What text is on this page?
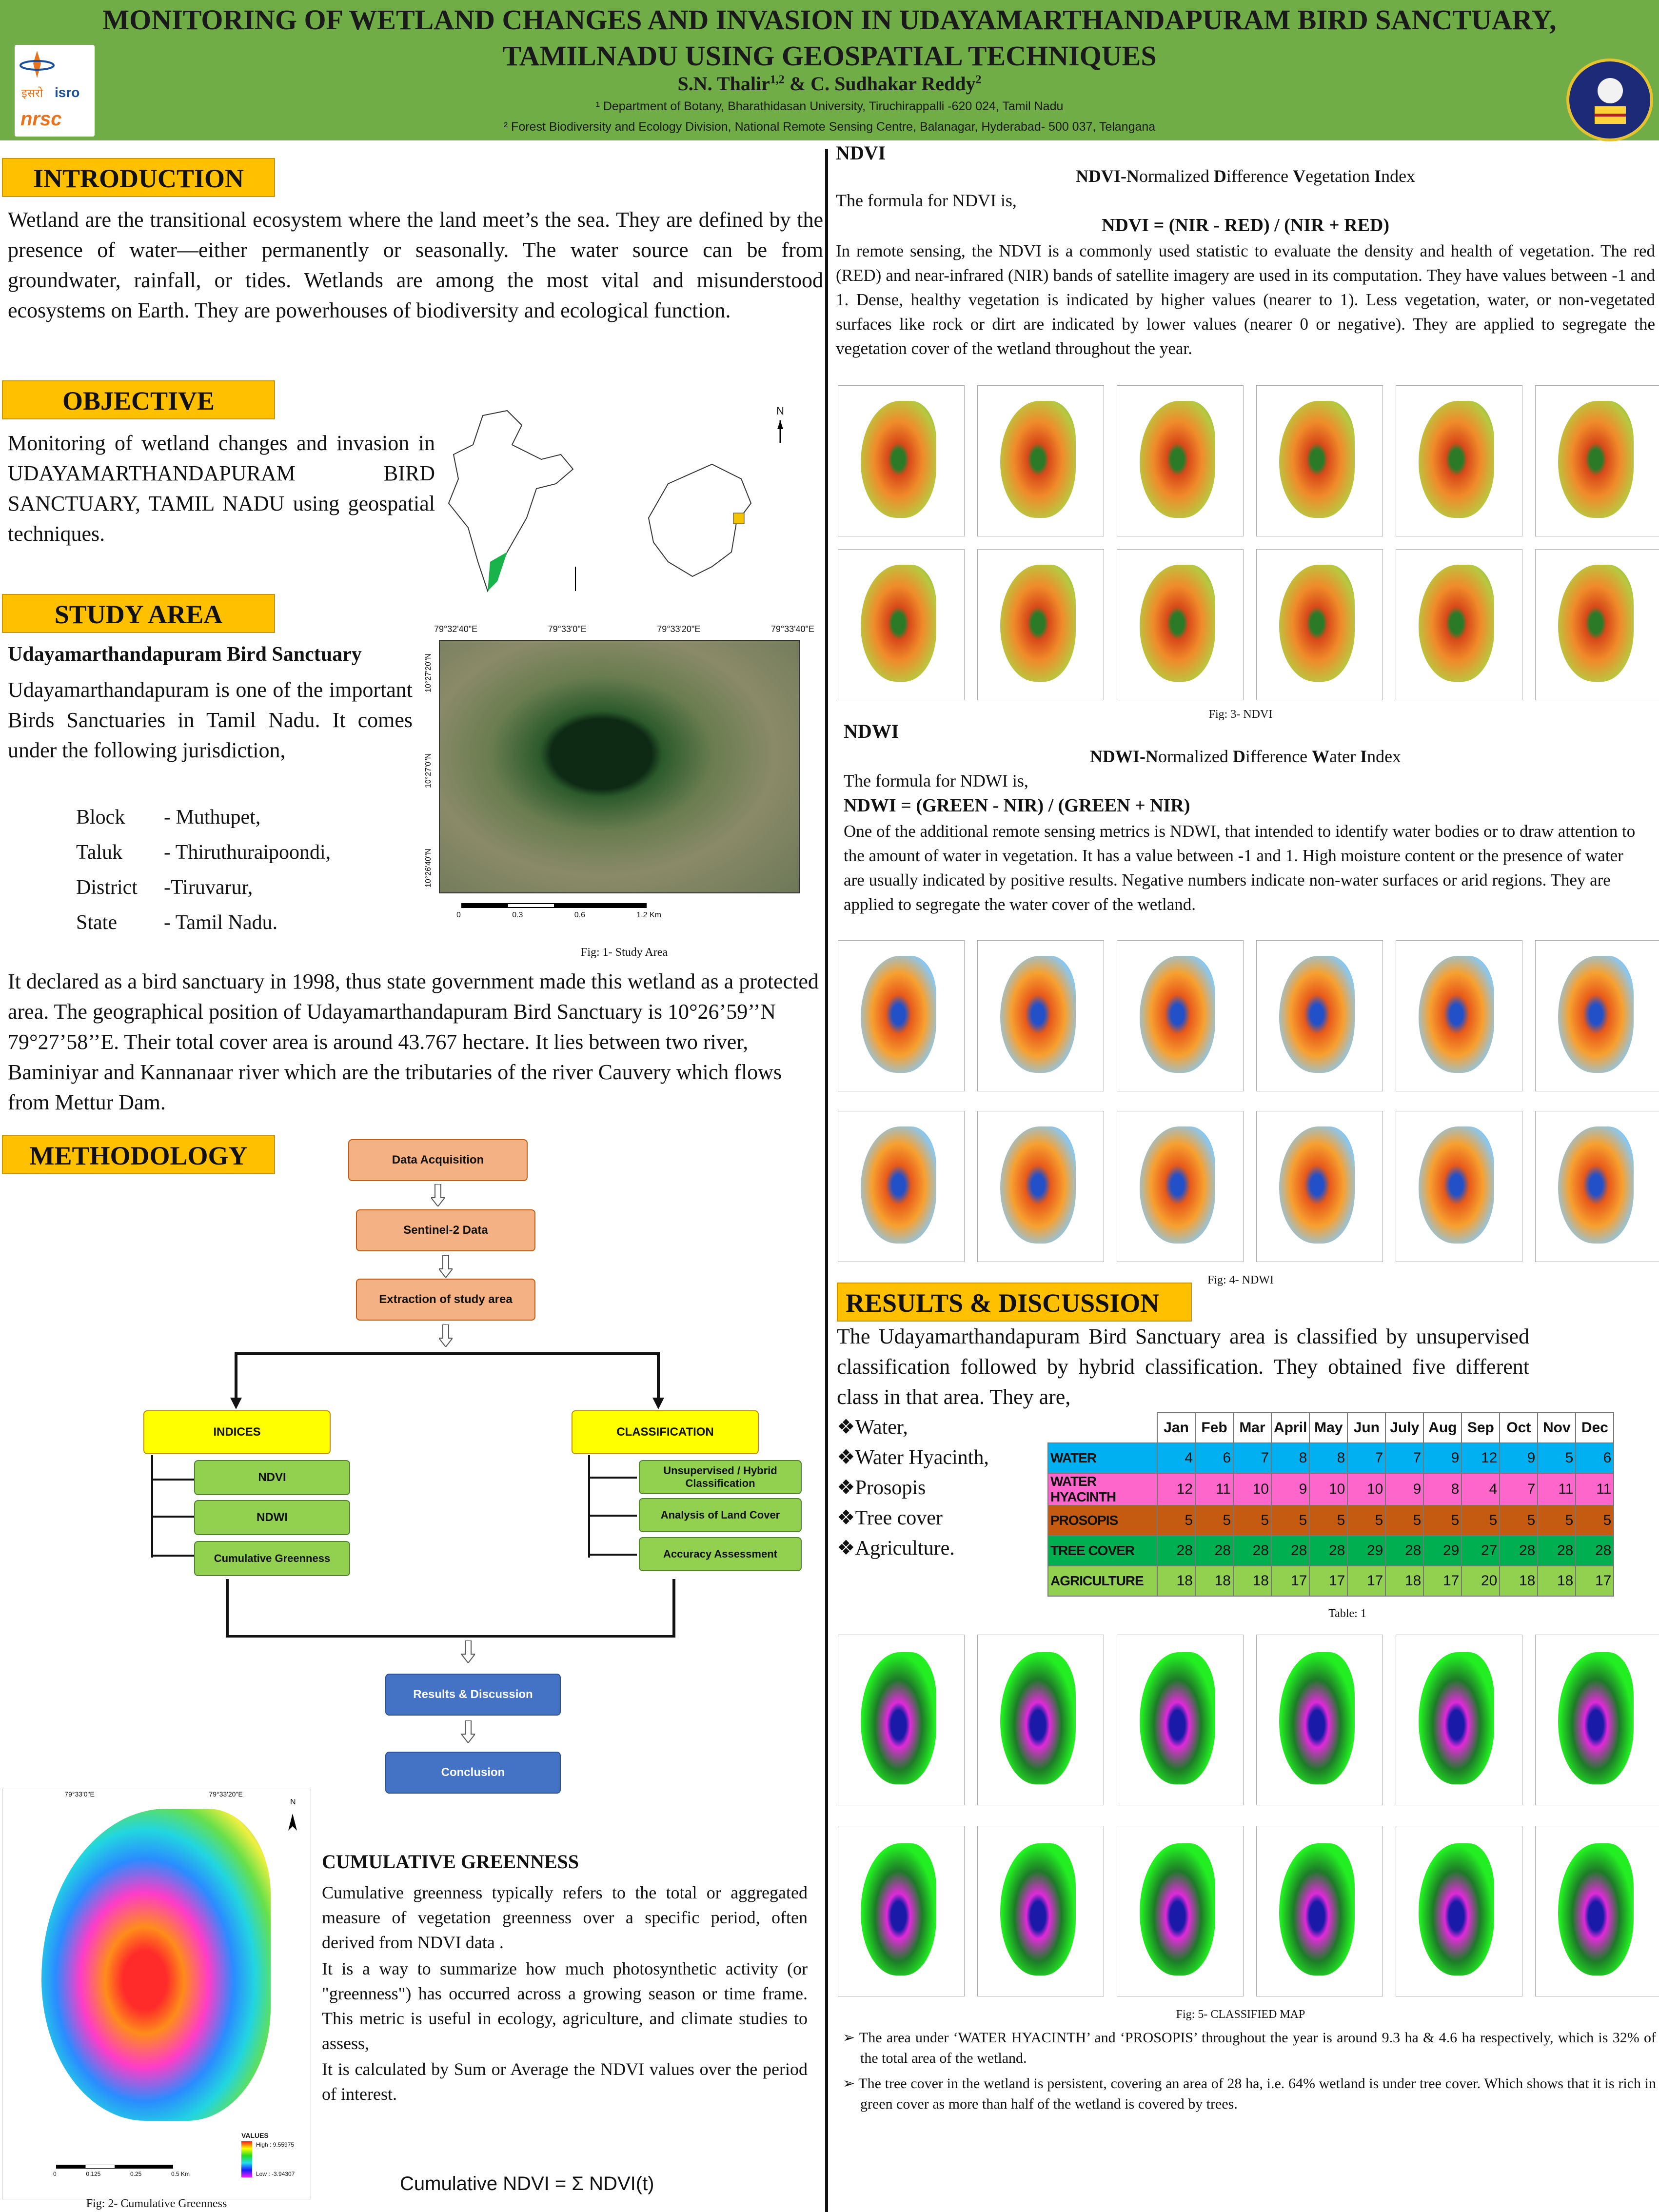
MONITORING OF WETLAND CHANGES AND INVASION IN UDAYAMARTHANDAPURAM BIRD SANCTUARY,
TAMILNADU USING GEOSPATIAL TECHNIQUES
S.N. Thalir$^{1,2}$ & C. Sudhakar Reddy$^2$
¹ Department of Botany, Bharathidasan University, Tiruchirappalli -620 024, Tamil Nadu
² Forest Biodiversity and Ecology Division, National Remote Sensing Centre, Balanagar, Hyderabad- 500 037, Telangana
इसरो isro
nrsc
INTRODUCTION
Wetland are the transitional ecosystem where the land meet’s the sea. They are defined by the presence of water—either permanently or seasonally. The water source can be from groundwater, rainfall, or tides. Wetlands are among the most vital and misunderstood ecosystems on Earth. They are powerhouses of biodiversity and ecological function.
OBJECTIVE
Monitoring of wetland changes and invasion in UDAYAMARTHANDAPURAM BIRD SANCTUARY, TAMIL NADU using geospatial techniques.
N
STUDY AREA
Udayamarthandapuram Bird Sanctuary
Udayamarthandapuram is one of the important Birds Sanctuaries in Tamil Nadu. It comes under the following jurisdiction,
Block - Muthupet,
Taluk - Thiruthuraipoondi,
District -Tiruvarur,
State - Tamil Nadu.
79°32'40"E	79°33'0"E	79°33'20"E	79°33'40"E
10°26'40"N
10°27'0"N
10°27'20"N
0	0.3	0.6	1.2 Km
Fig: 1- Study Area
It declared as a bird sanctuary in 1998, thus state government made this wetland as a protected area. The geographical position of Udayamarthandapuram Bird Sanctuary is 10°26’59’’N 79°27’58’’E. Their total cover area is around 43.767 hectare. It lies between two river, Baminiyar and Kannanaar river which are the tributaries of the river Cauvery which flows from Mettur Dam.
METHODOLOGY	Data Acquisition
Sentinel-2 Data
Extraction of study area
INDICES	CLASSIFICATION
NDVI
NDWI
Cumulative Greenness
Unsupervised / Hybrid Classification
Analysis of Land Cover
Accuracy Assessment
Results & Discussion
Conclusion
79°33'0"E	79°33'20"E
N
VALUES
High : 9.55975
Low : -3.94307
0	0.125	0.25	0.5 Km
Fig: 2- Cumulative Greenness
CUMULATIVE GREENNESS
Cumulative greenness typically refers to the total or aggregated measure of vegetation greenness over a specific period, often derived from NDVI data .
It is a way to summarize how much photosynthetic activity (or "greenness") has occurred across a growing season or time frame. This metric is useful in ecology, agriculture, and climate studies to assess,
It is calculated by Sum or Average the NDVI values over the period of interest.
Cumulative NDVI = Σ NDVI(t)
NDVI
NDVI-Normalized Difference Vegetation Index
The formula for NDVI is,
NDVI = (NIR - RED) / (NIR + RED)
In remote sensing, the NDVI is a commonly used statistic to evaluate the density and health of vegetation. The red (RED) and near-infrared (NIR) bands of satellite imagery are used in its computation. They have values between -1 and 1. Dense, healthy vegetation is indicated by higher values (nearer to 1). Less vegetation, water, or non-vegetated surfaces like rock or dirt are indicated by lower values (nearer 0 or negative). They are applied to segregate the vegetation cover of the wetland throughout the year.
Fig: 3- NDVI
NDWI
NDWI-Normalized Difference Water Index
The formula for NDWI is,
NDWI = (GREEN - NIR) / (GREEN + NIR)
One of the additional remote sensing metrics is NDWI, that intended to identify water bodies or to draw attention to the amount of water in vegetation. It has a value between -1 and 1. High moisture content or the presence of water are usually indicated by positive results. Negative numbers indicate non-water surfaces or arid regions. They are applied to segregate the water cover of the wetland.
Fig: 4- NDWI
RESULTS & DISCUSSION
The Udayamarthandapuram Bird Sanctuary area is classified by unsupervised classification followed by hybrid classification. They obtained five different class in that area. They are,
❖Water,
❖Water Hyacinth,
❖Prosopis
❖Tree cover
❖Agriculture.
	Jan	Feb	Mar	April	May	Jun	July	Aug	Sep	Oct	Nov	Dec
WATER	4	6	7	8	8	7	7	9	12	9	5	6
WATER HYACINTH	12	11	10	9	10	10	9	8	4	7	11	11
PROSOPIS	5	5	5	5	5	5	5	5	5	5	5	5
TREE COVER	28	28	28	28	28	29	28	29	27	28	28	28
AGRICULTURE	18	18	18	17	17	17	18	17	20	18	18	17
Table: 1
Fig: 5- CLASSIFIED MAP
➢ The area under ‘WATER HYACINTH’ and ‘PROSOPIS’ throughout the year is around 9.3 ha & 4.6 ha respectively, which is 32% of the total area of the wetland.
➢ The tree cover in the wetland is persistent, covering an area of 28 ha, i.e. 64% wetland is under tree cover. Which shows that it is rich in green cover as more than half of the wetland is covered by trees.
